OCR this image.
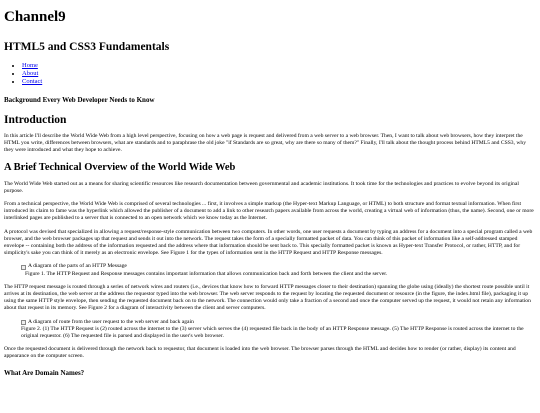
Channel9
HTML5 and CSS3 Fundamentals
• Home
• About
• Contact
Background Every Web Developer Needs to Know
Introduction

In this article I'll describe the World Wide Web from a high level perspective, focusing on how a web page is request and delivered from a web server to a web browser. Then, I want to talk about web browsers, how they interpret the HTML you write, differences between browsers, what are standards and to paraphrase the old joke "if Standards are so great, why are there so many of them?" Finally, I'll talk about the thought process behind HTML5 and CSS3, why they were introduced and what they hope to achieve.

A Brief Technical Overview of the World Wide Web

The World Wide Web started out as a means for sharing scientific resources like research documentation between governmental and academic institutions. It took time for the technologies and practices to evolve beyond its original purpose.

From a technical perspective, the World Wide Web is comprised of several technologies ... first, it involves a simple markup (the Hyper-text Markup Language, or HTML) to both structure and format textual information. When first introduced its claim to fame was the hyperlink which allowed the publisher of a document to add a link to other research papers available from across the world, creating a virtual web of information (thus, the name). Second, one or more interlinked pages are published to a server that is connected to an open network which we know today as the Internet.

A protocol was devised that specialized in allowing a request/response-style communication between two computers. In other words, one user requests a document by typing an address for a document into a special program called a web browser, and the web browser packages up that request and sends it out into the network. The request takes the form of a specially formatted packet of data. You can think of this packet of information like a self-addressed stamped envelope -- containing both the address of the information requested and the address where that information should be sent back to. This specially formatted packet is known as Hyper-text Transfer Protocol, or rather, HTTP, and for simplicity's sake you can think of it merely as an electronic envelope. See Figure 1 for the types of information sent in the HTTP Request and HTTP Response messages.

A diagram of the parts of an HTTP Message
Figure 1. The HTTP Request and Response messages contains important information that allows communication back and forth between the client and the server.

The HTTP request message is routed through a series of network wires and routers (i.e., devices that know how to forward HTTP messages closer to their destination) spanning the globe using (ideally) the shortest route possible until it arrives at its destination, the web server at the address the requestor typed into the web browser. The web server responds to the request by locating the requested document or resource (in the figure, the index.html file), packaging it up using the same HTTP style envelope, then sending the requested document back on to the network. The connection would only take a fraction of a second and once the computer served up the request, it would not retain any information about that request in its memory. See Figure 2 for a diagram of interactivity between the client and server computers.

A diagram of route from the user request to the web server and back again
Figure 2. (1) The HTTP Request is (2) routed across the internet to the (3) server which serves the (4) requested file back in the body of an HTTP Response message. (5) The HTTP Response is routed across the internet to the original requestor. (6) The requested file is parsed and displayed in the user's web browser.

Once the requested document is delivered through the network back to requestor, that document is loaded into the web browser. The browser parses through the HTML and decides how to render (or rather, display) its content and appearance on the computer screen.

What Are Domain Names?
